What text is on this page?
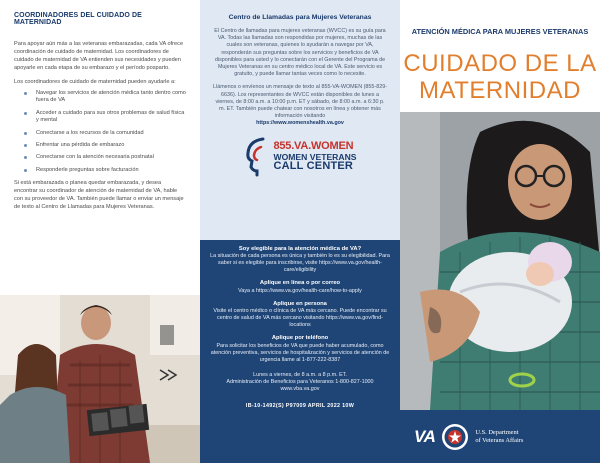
COORDINADORES DEL CUIDADO DE MATERNIDAD

Para apoyar aún más a las veteranas embarazadas, cada VA ofrece coordinación de cuidado de maternidad. Los coordinadores de cuidado de maternidad de VA entienden sus necesidades y pueden apoyarle en cada etapa de su embarazo y el período posparto.

Los coordinadores de cuidado de maternidad pueden ayudarle a:

Navegar los servicios de atención médica tanto dentro como fuera de VA
Acceder a cuidado para sus otros problemas de salud física y mental
Conectarse a los recursos de la comunidad
Enfrentar una pérdida de embarazo
Conectarse con la atención necesaria postnatal
Responderle preguntas sobre facturación

Si está embarazada o planea quedar embarazada, y desea encontrar su coordinador de atención de maternidad de VA, hable con su proveedor de VA. También puede llamar o enviar un mensaje de texto al Centro de Llamadas para Mujeres Veteranas.

Centro de Llamadas para Mujeres Veteranas

El Centro de llamadas para mujeres veteranas (WVCC) es su guía para VA. Todas las llamadas son respondidas por mujeres, muchas de las cuales son veteranas, quienes lo ayudarán a navegar por VA, responderán sus preguntas sobre los servicios y beneficios de VA disponibles para usted y lo conectarán con el Gerente del Programa de Mujeres Veteranas en su centro médico local de VA. Este servicio es gratuito, y puede llamar tantas veces como lo necesite.

Llámenos o envíenos un mensaje de texto al 855-VA-WOMEN (855-829-6636). Los representantes de WVCC están disponibles de lunes a viernes, de 8:00 a.m. a 10:00 p.m. ET y sábado, de 8:00 a.m. a 6:30 p. m. ET. También puede chatear con nosotros en línea y obtener más información visitando
https://www.womenshealth.va.gov

855.VA.WOMEN
WOMEN VETERANS
CALL CENTER
Soy elegible para la atención médica de VA?
La situación de cada persona es única y también lo es su elegibilidad. Para saber si es elegible para inscribirse, visite https://www.va.gov/health-care/eligibility
Aplique en línea o por correo
Vaya a https://www.va.gov/health-care/how-to-apply
Aplique en persona
Visite el centro médico o clínica de VA más cercano. Puede encontrar su centro de salud de VA más cercano visitando https://www.va.gov/find-locations
Aplique por teléfono
Para solicitar los beneficios de VA que puede haber acumulado, como atención preventiva, servicios de hospitalización y servicios de atención de urgencia llame al 1-877-222-8387
Lunes a viernes, de 8 a.m. a 8 p.m. ET.
Administración de Beneficios para Veteranos 1-800-827-1000
www.vba.va.gov
IB-10-1492(S) P97009 APRIL 2022 10W
ATENCIÓN MÉDICA PARA MUJERES VETERANAS
CUIDADO DE LA
MATERNIDAD
VA	U.S. Department
of Veterans Affairs
